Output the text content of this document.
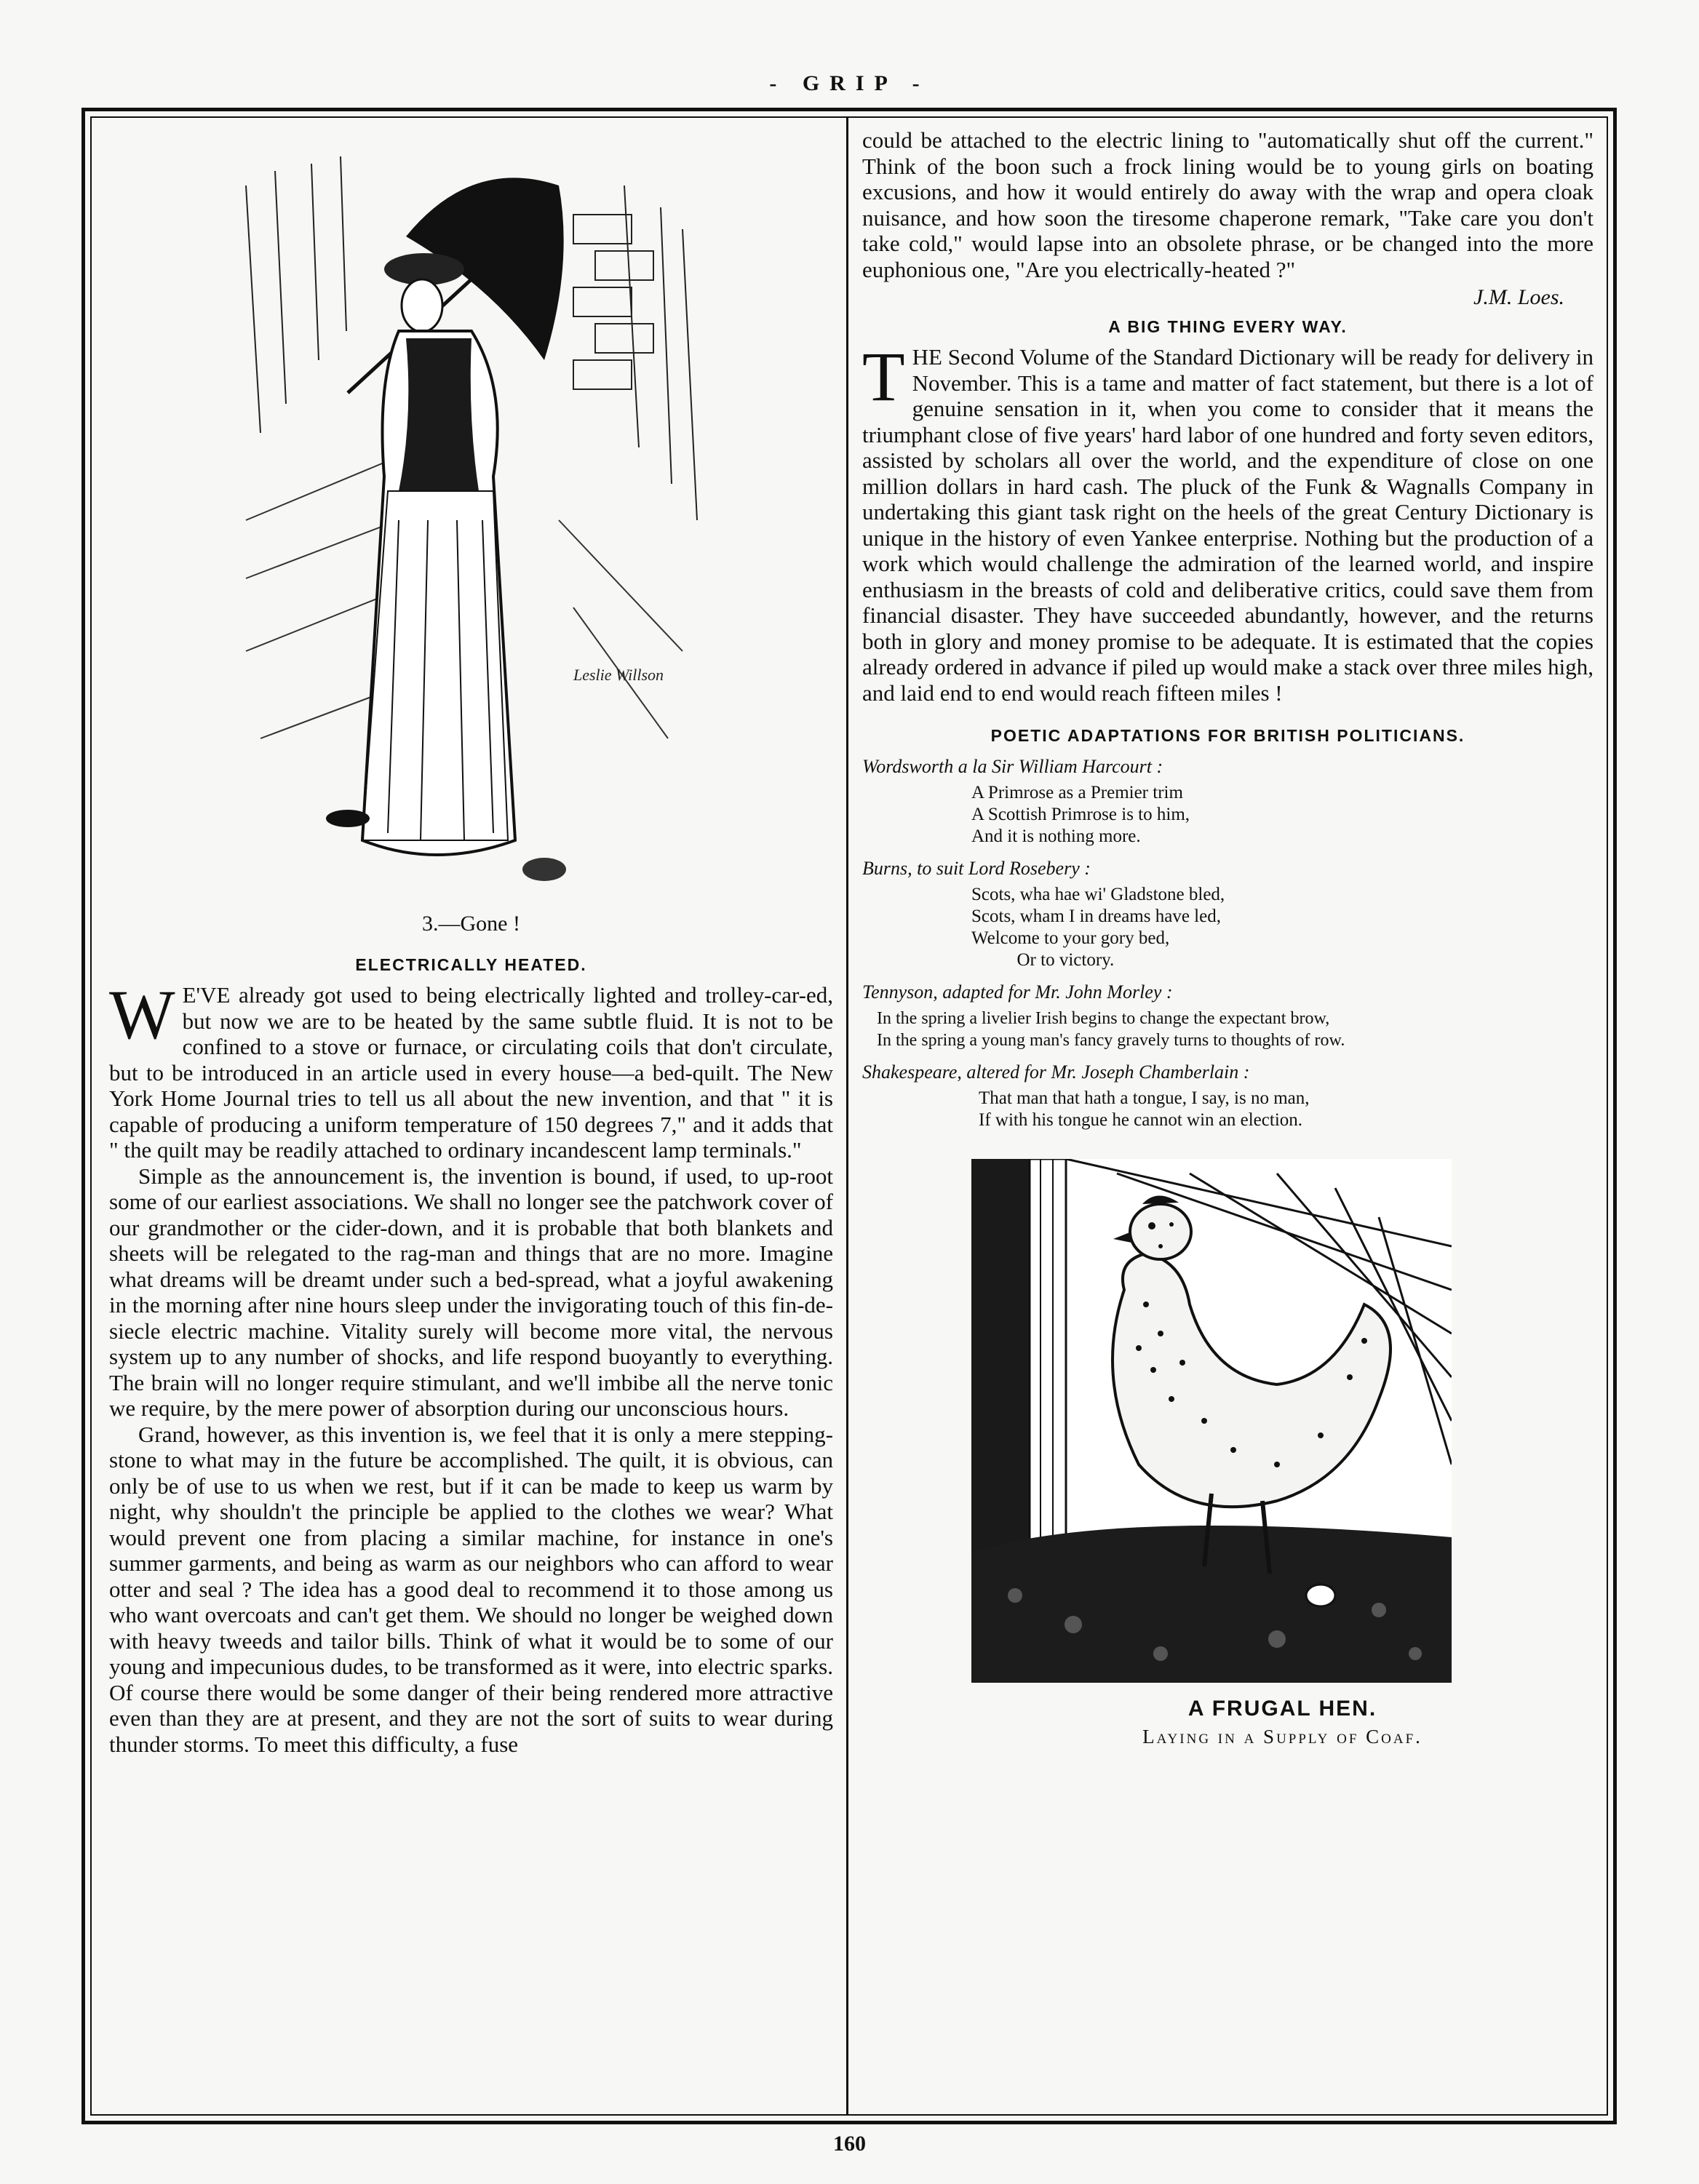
- GRIP -
Leslie Willson
3.—Gone !
ELECTRICALLY HEATED.

W E'VE already got used to being electrically lighted and trolley-car-ed, but now we are to be heated by the same subtle fluid. It is not to be confined to a stove or furnace, or circulating coils that don't circulate, but to be introduced in an article used in every house—a bed-quilt. The New York Home Journal tries to tell us all about the new invention, and that " it is capable of producing a uniform temperature of 150 degrees 7," and it adds that " the quilt may be readily attached to ordinary incandescent lamp terminals."

Simple as the announcement is, the invention is bound, if used, to up-root some of our earliest associations. We shall no longer see the patchwork cover of our grandmother or the cider-down, and it is probable that both blankets and sheets will be relegated to the rag-man and things that are no more. Imagine what dreams will be dreamt under such a bed-spread, what a joyful awakening in the morning after nine hours sleep under the invigorating touch of this fin-de-siecle electric machine. Vitality surely will become more vital, the nervous system up to any number of shocks, and life respond buoyantly to everything. The brain will no longer require stimulant, and we'll imbibe all the nerve tonic we require, by the mere power of absorption during our unconscious hours.

Grand, however, as this invention is, we feel that it is only a mere stepping-stone to what may in the future be accomplished. The quilt, it is obvious, can only be of use to us when we rest, but if it can be made to keep us warm by night, why shouldn't the principle be applied to the clothes we wear? What would prevent one from placing a similar machine, for instance in one's summer garments, and being as warm as our neighbors who can afford to wear otter and seal ? The idea has a good deal to recommend it to those among us who want overcoats and can't get them. We should no longer be weighed down with heavy tweeds and tailor bills. Think of what it would be to some of our young and impecunious dudes, to be transformed as it were, into electric sparks. Of course there would be some danger of their being rendered more attractive even than they are at present, and they are not the sort of suits to wear during thunder storms. To meet this difficulty, a fuse

could be attached to the electric lining to "automatically shut off the current." Think of the boon such a frock lining would be to young girls on boating excusions, and how it would entirely do away with the wrap and opera cloak nuisance, and how soon the tiresome chaperone remark, "Take care you don't take cold," would lapse into an obsolete phrase, or be changed into the more euphonious one, "Are you electrically-heated ?"

J.M. Loes.
A BIG THING EVERY WAY.

THE Second Volume of the Standard Dictionary will be ready for delivery in November. This is a tame and matter of fact statement, but there is a lot of genuine sensation in it, when you come to consider that it means the triumphant close of five years' hard labor of one hundred and forty seven editors, assisted by scholars all over the world, and the expenditure of close on one million dollars in hard cash. The pluck of the Funk & Wagnalls Company in undertaking this giant task right on the heels of the great Century Dictionary is unique in the history of even Yankee enterprise. Nothing but the production of a work which would challenge the admiration of the learned world, and inspire enthusiasm in the breasts of cold and deliberative critics, could save them from financial disaster. They have succeeded abundantly, however, and the returns both in glory and money promise to be adequate. It is estimated that the copies already ordered in advance if piled up would make a stack over three miles high, and laid end to end would reach fifteen miles !

POETIC ADAPTATIONS FOR BRITISH POLITICIANS.
Wordsworth a la Sir William Harcourt :
A Primrose as a Premier trim
A Scottish Primrose is to him,
And it is nothing more.
Burns, to suit Lord Rosebery :
Scots, wha hae wi' Gladstone bled,
Scots, wham I in dreams have led,
Welcome to your gory bed,
Or to victory.
Tennyson, adapted for Mr. John Morley :
In the spring a livelier Irish begins to change the expectant brow,
In the spring a young man's fancy gravely turns to thoughts of row.
Shakespeare, altered for Mr. Joseph Chamberlain :
That man that hath a tongue, I say, is no man,
If with his tongue he cannot win an election.
A FRUGAL HEN.
Laying in a Supply of Coaf.
160
